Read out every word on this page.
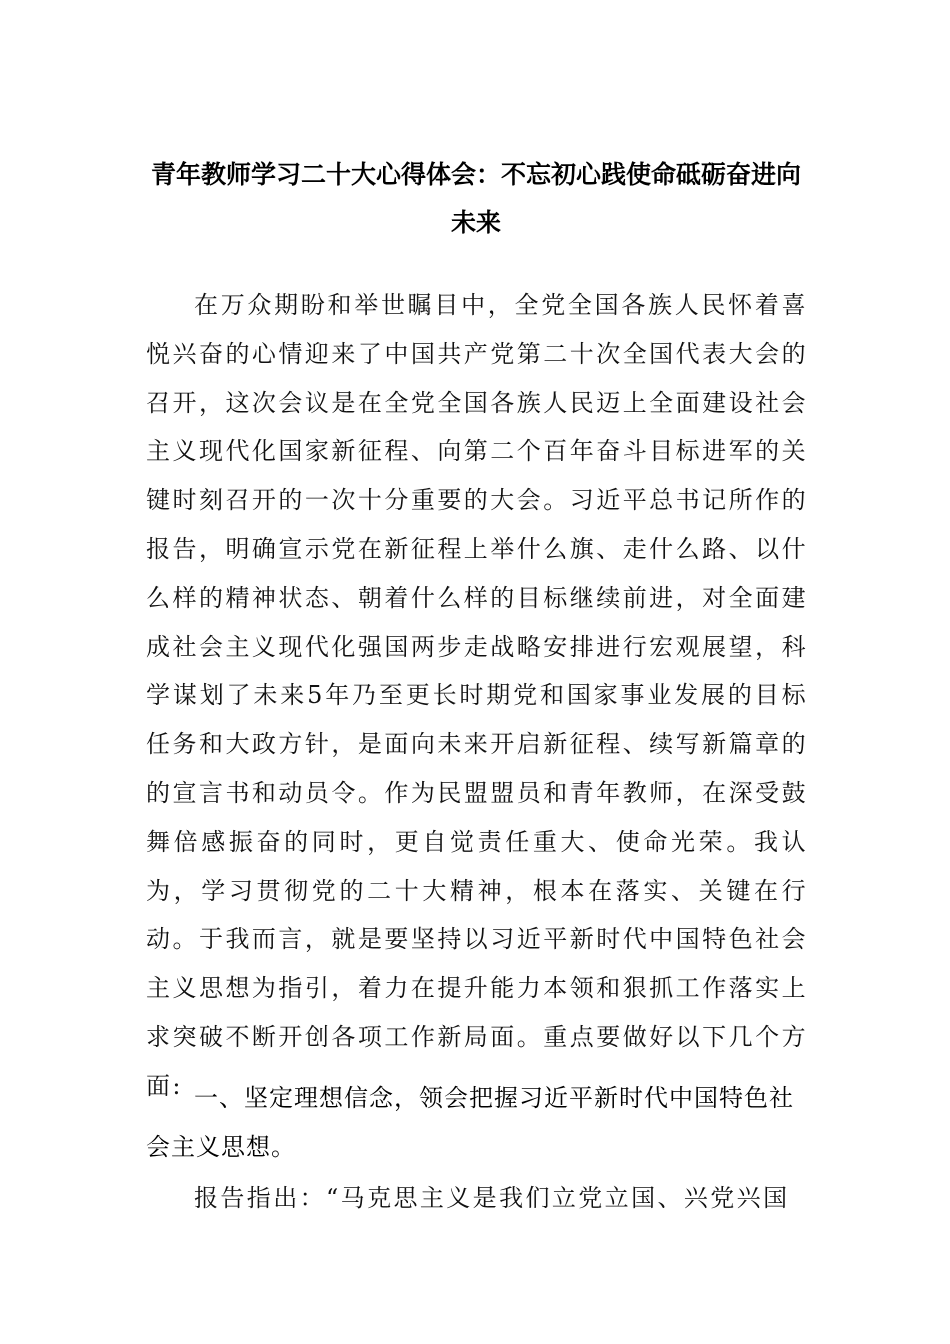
青年教师学习二十大心得体会：不忘初心践使命砥砺奋进向未来

在万众期盼和举世瞩目中，全党全国各族人民怀着喜悦兴奋的心情迎来了中国共产党第二十次全国代表大会的召开，这次会议是在全党全国各族人民迈上全面建设社会主义现代化国家新征程、向第二个百年奋斗目标进军的关键时刻召开的一次十分重要的大会。习近平总书记所作的报告，明确宣示党在新征程上举什么旗、走什么路、以什么样的精神状态、朝着什么样的目标继续前进，对全面建成社会主义现代化强国两步走战略安排进行宏观展望，科学谋划了未来5年乃至更长时期党和国家事业发展的目标任务和大政方针，是面向未来开启新征程、续写新篇章的的宣言书和动员令。作为民盟盟员和青年教师，在深受鼓舞倍感振奋的同时，更自觉责任重大、使命光荣。我认为，学习贯彻党的二十大精神，根本在落实、关键在行动。于我而言，就是要坚持以习近平新时代中国特色社会主义思想为指引，着力在提升能力本领和狠抓工作落实上求突破不断开创各项工作新局面。重点要做好以下几个方面: 一、坚定理想信念，领会把握习近平新时代中国特色社会主义思想。

报告指出：“马克思主义是我们立党立国、兴党兴国
